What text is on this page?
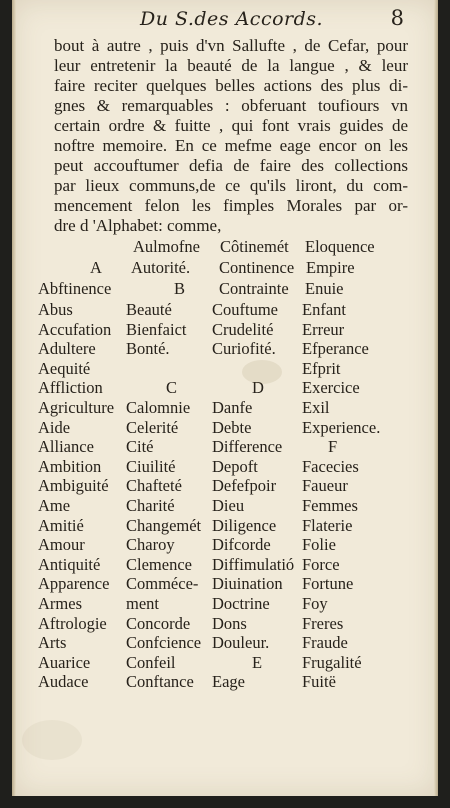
Du S.des Accords.	8
bout à autre , puis d'vn Sallufte , de Cefar, pour
leur entretenir la beauté de la langue , & leur
faire reciter quelques belles actions des plus di-
gnes & remarquables : obferuant toufiours vn
certain ordre & fuitte , qui font vrais guides de
noftre memoire. En ce mefme eage encor on les
peut accouftumer defia de faire des collections
par lieux communs,de ce qu'ils liront, du com-
mencement felon les fimples Morales par or-
dre d 'Alphabet: comme,
Aulmofne Côtinemét Eloquence
A Autorité. Continence Empire
Abftinence	B Contrainte Enuie
Abus
Accufation
Adultere
Aequité
Affliction
Agriculture
Aide
Alliance
Ambition
Ambiguité
Ame
Amitié
Amour
Antiquité
Apparence
Armes
Aftrologie
Arts
Auarice
Audace
Beauté
Bienfaict
Bonté.
C
Calomnie
Celerité
Cité
Ciuilité
Chafteté
Charité
Changemét
Charoy
Clemence
Comméce-
ment
Concorde
Confcience
Confeil
Conftance
Couftume
Crudelité
Curiofité.
D
Danfe
Debte
Difference
Depoft
Defefpoir
Dieu
Diligence
Difcorde
Diffimulatió
Diuination
Doctrine
Dons
Douleur.
E
Eage
Enfant
Erreur
Efperance
Efprit
Exercice
Exil
Experience.
F
Facecies
Faueur
Femmes
Flaterie
Folie
Force
Fortune
Foy
Freres
Fraude
Frugalité
Fuitë
